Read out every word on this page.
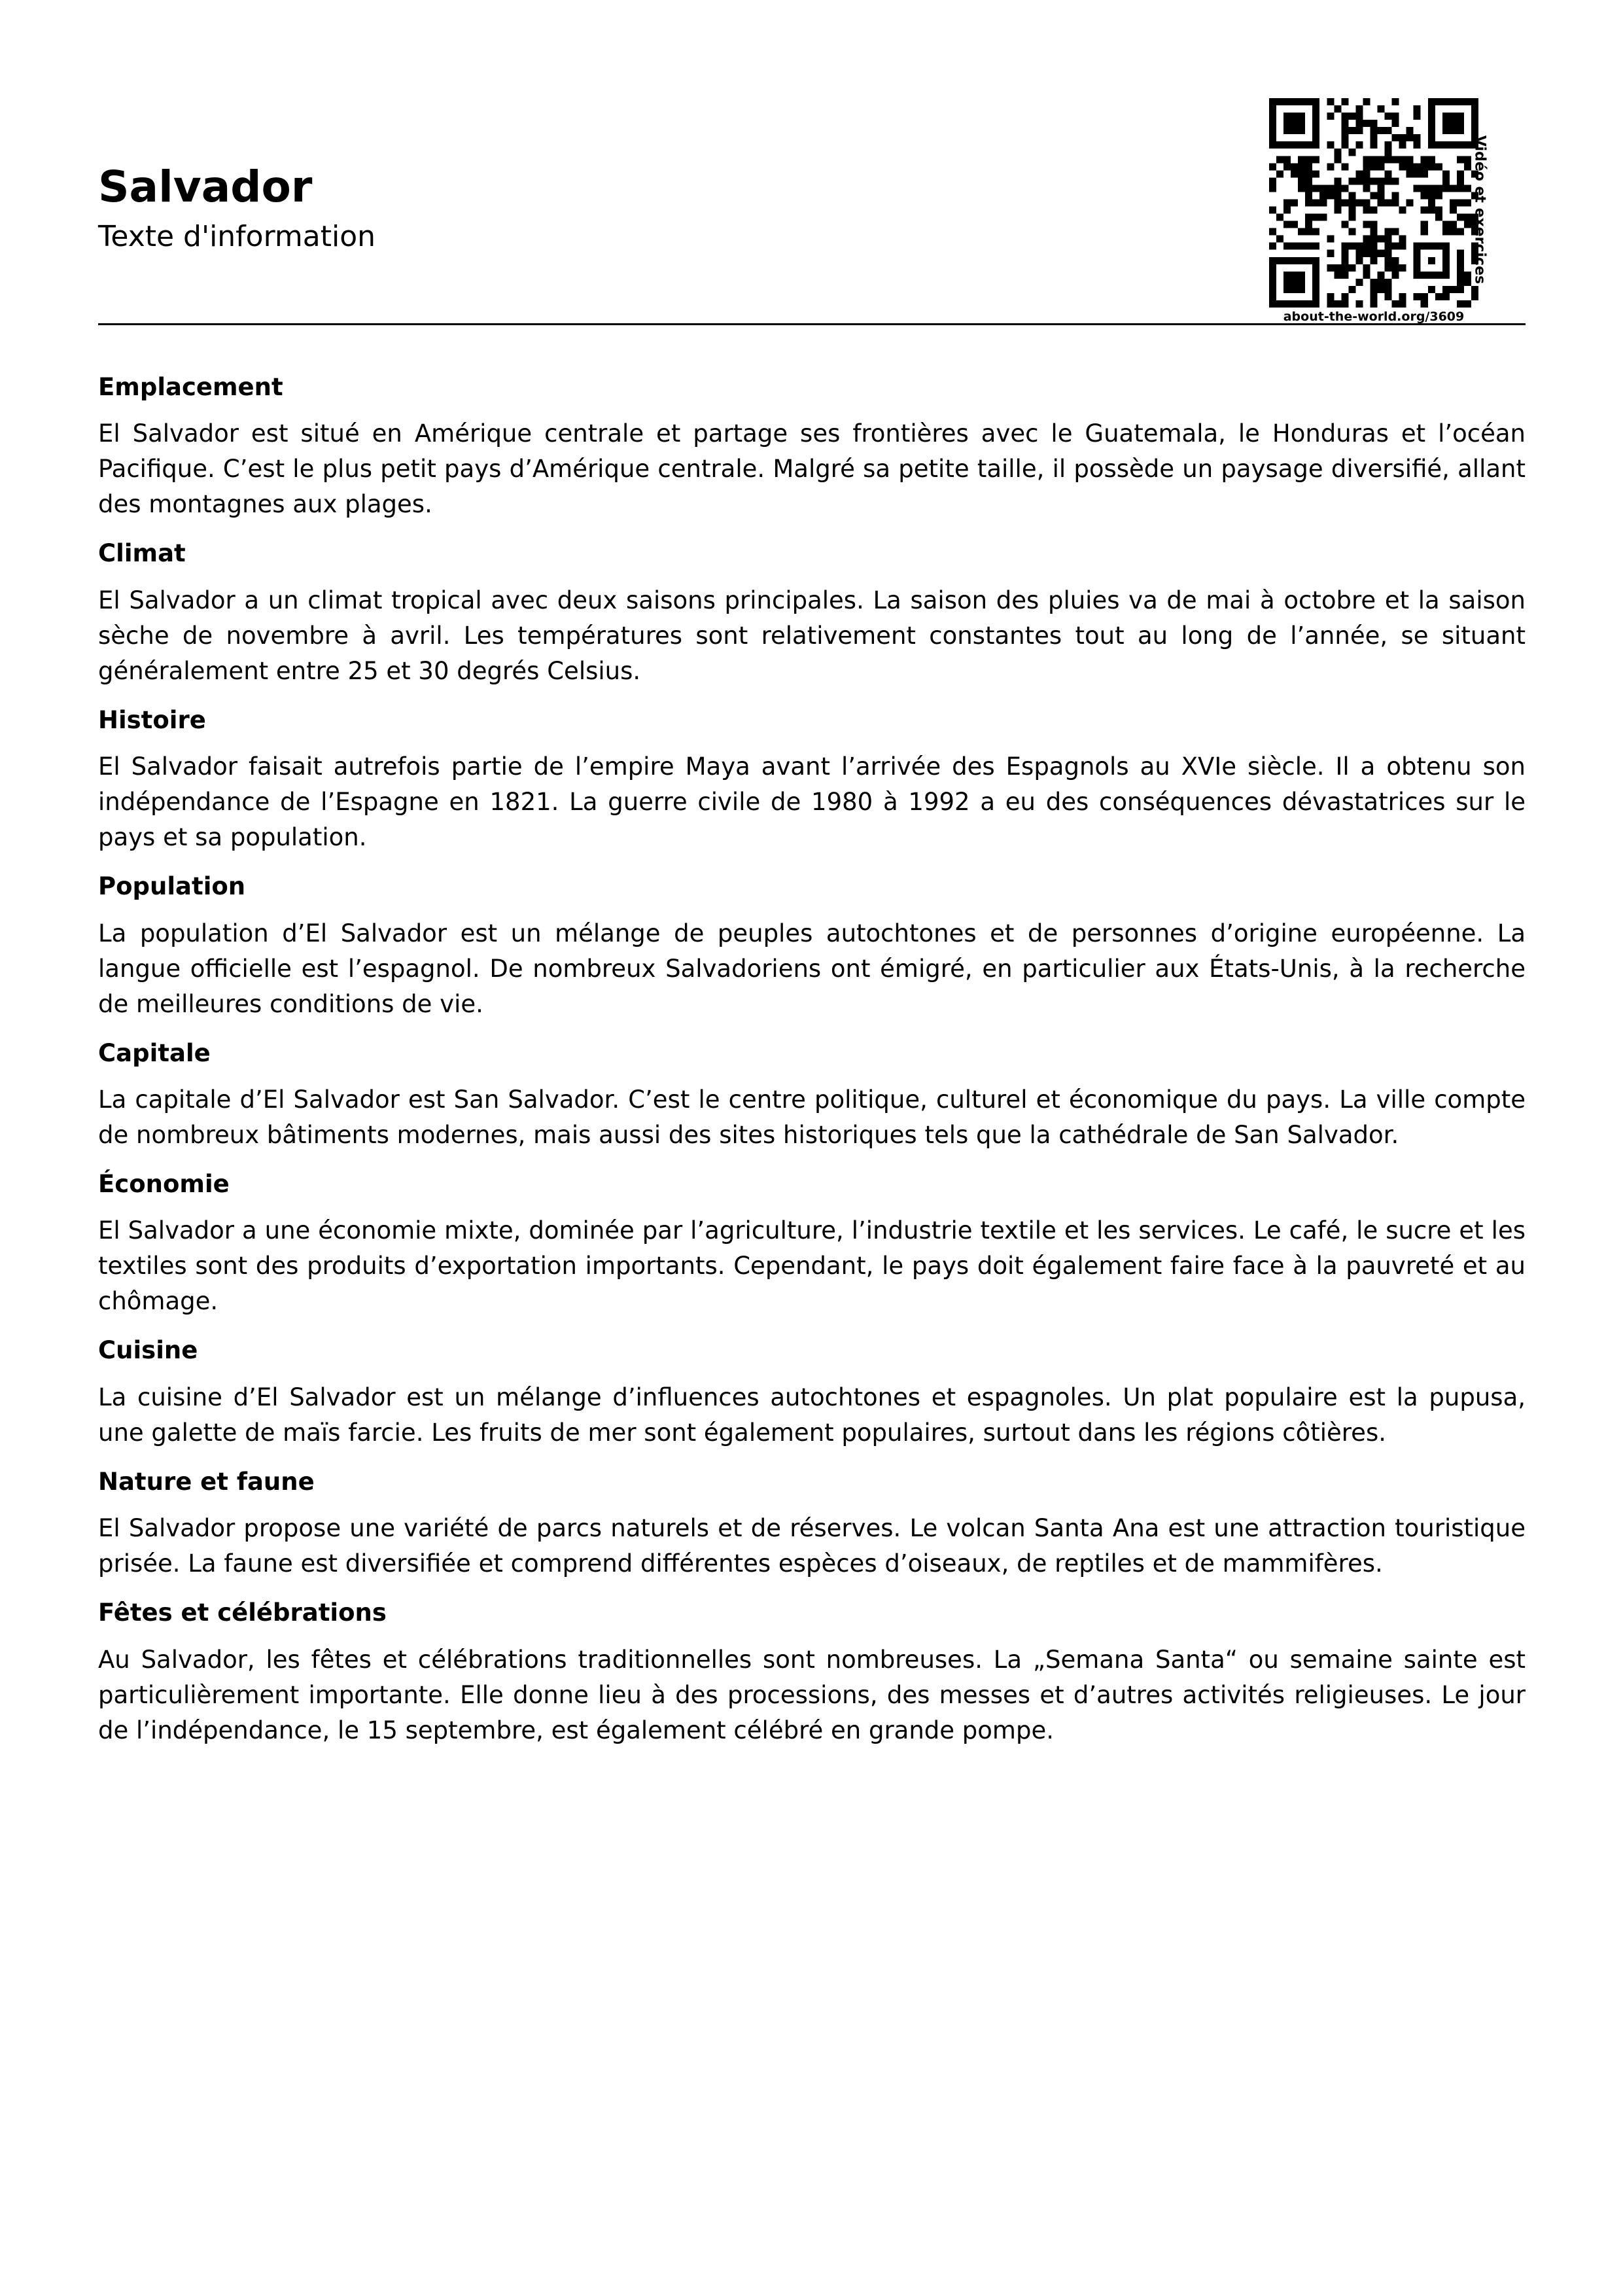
Salvador
Texte d'information
about-the-world.org/3609
Vidéo et exercices
Emplacement

El Salvador est situé en Amérique centrale et partage ses frontières avec le Guatemala, le Honduras et l’océan Pacifique. C’est le plus petit pays d’Amérique centrale. Malgré sa petite taille, il possède un paysage diversifié, allant des montagnes aux plages.

Climat

El Salvador a un climat tropical avec deux saisons principales. La saison des pluies va de mai à octobre et la saison sèche de novembre à avril. Les températures sont relativement constantes tout au long de l’année, se situant généralement entre 25 et 30 degrés Celsius.

Histoire

El Salvador faisait autrefois partie de l’empire Maya avant l’arrivée des Espagnols au XVIe siècle. Il a obtenu son indépendance de l’Espagne en 1821. La guerre civile de 1980 à 1992 a eu des conséquences dévastatrices sur le pays et sa population.

Population

La population d’El Salvador est un mélange de peuples autochtones et de personnes d’origine européenne. La langue officielle est l’espagnol. De nombreux Salvadoriens ont émigré, en particulier aux États-Unis, à la recherche de meilleures conditions de vie.

Capitale

La capitale d’El Salvador est San Salvador. C’est le centre politique, culturel et économique du pays. La ville compte de nombreux bâtiments modernes, mais aussi des sites historiques tels que la cathédrale de San Salvador.

Économie

El Salvador a une économie mixte, dominée par l’agriculture, l’industrie textile et les services. Le café, le sucre et les textiles sont des produits d’exportation importants. Cependant, le pays doit également faire face à la pauvreté et au chômage.

Cuisine

La cuisine d’El Salvador est un mélange d’influences autochtones et espagnoles. Un plat populaire est la pupusa, une galette de maïs farcie. Les fruits de mer sont également populaires, surtout dans les régions côtières.

Nature et faune

El Salvador propose une variété de parcs naturels et de réserves. Le volcan Santa Ana est une attraction touristique prisée. La faune est diversifiée et comprend différentes espèces d’oiseaux, de reptiles et de mammifères.

Fêtes et célébrations

Au Salvador, les fêtes et célébrations traditionnelles sont nombreuses. La „Semana Santa“ ou semaine sainte est particulièrement importante. Elle donne lieu à des processions, des messes et d’autres activités religieuses. Le jour de l’indépendance, le 15 septembre, est également célébré en grande pompe.
